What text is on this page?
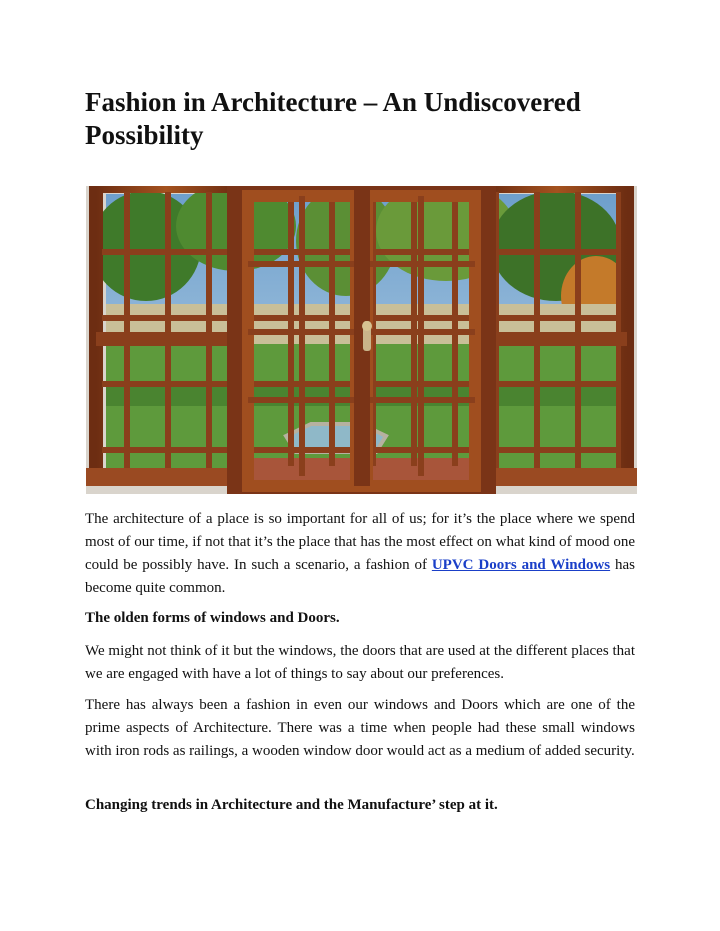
Fashion in Architecture – An Undiscovered Possibility

The architecture of a place is so important for all of us; for it’s the place where we spend most of our time, if not that it’s the place that has the most effect on what kind of mood one could be possibly have. In such a scenario, a fashion of UPVC Doors and Windows has become quite common.

The olden forms of windows and Doors.

We might not think of it but the windows, the doors that are used at the different places that we are engaged with have a lot of things to say about our preferences.

There has always been a fashion in even our windows and Doors which are one of the prime aspects of Architecture. There was a time when people had these small windows with iron rods as railings, a wooden window door would act as a medium of added security.

Changing trends in Architecture and the Manufacture’ step at it.
